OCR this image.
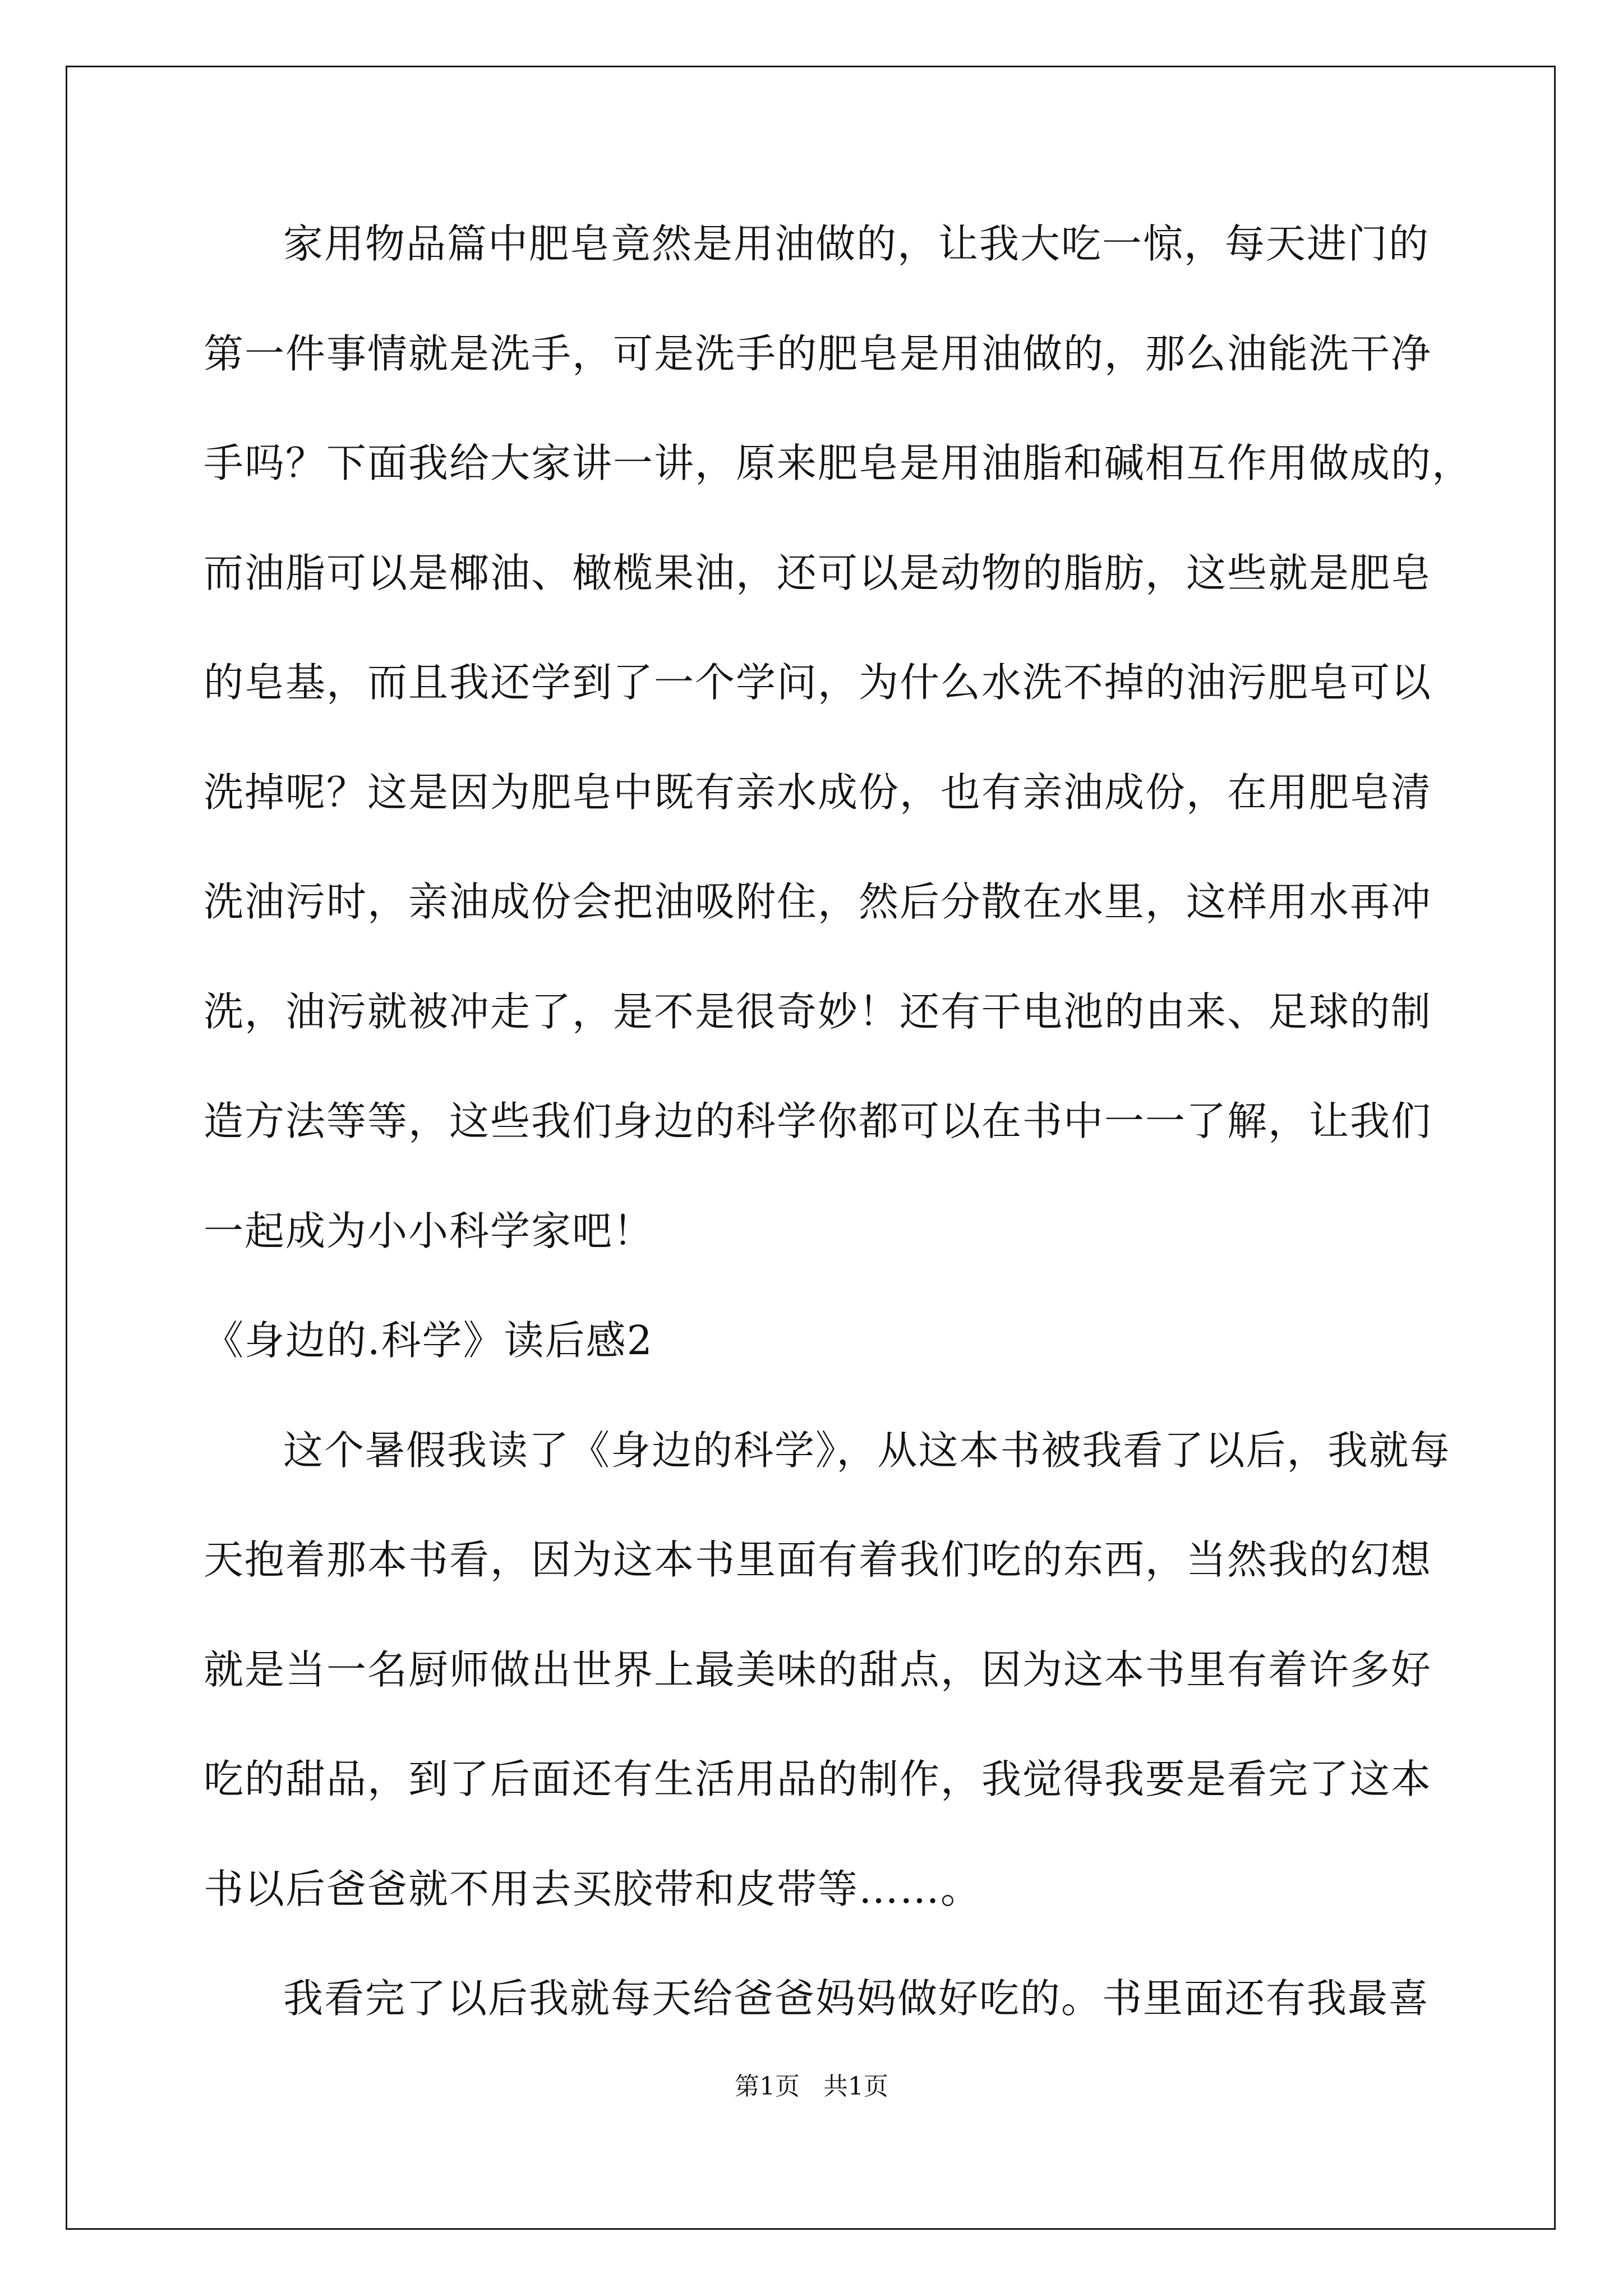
家用物品篇中肥皂竟然是用油做的，让我大吃一惊，每天进门的
第一件事情就是洗手，可是洗手的肥皂是用油做的，那么油能洗干净
手吗？下面我给大家讲一讲，原来肥皂是用油脂和碱相互作用做成的，
而油脂可以是椰油、橄榄果油，还可以是动物的脂肪，这些就是肥皂
的皂基，而且我还学到了一个学问，为什么水洗不掉的油污肥皂可以
洗掉呢？这是因为肥皂中既有亲水成份，也有亲油成份，在用肥皂清
洗油污时，亲油成份会把油吸附住，然后分散在水里，这样用水再冲
洗，油污就被冲走了，是不是很奇妙！还有干电池的由来、足球的制
造方法等等，这些我们身边的科学你都可以在书中一一了解，让我们
一起成为小小科学家吧！
《身边的.科学》读后感2
这个暑假我读了《身边的科学》，从这本书被我看了以后，我就每
天抱着那本书看，因为这本书里面有着我们吃的东西，当然我的幻想
就是当一名厨师做出世界上最美味的甜点，因为这本书里有着许多好
吃的甜品，到了后面还有生活用品的制作，我觉得我要是看完了这本
书以后爸爸就不用去买胶带和皮带等……。
我看完了以后我就每天给爸爸妈妈做好吃的。书里面还有我最喜
第1页   共1页
